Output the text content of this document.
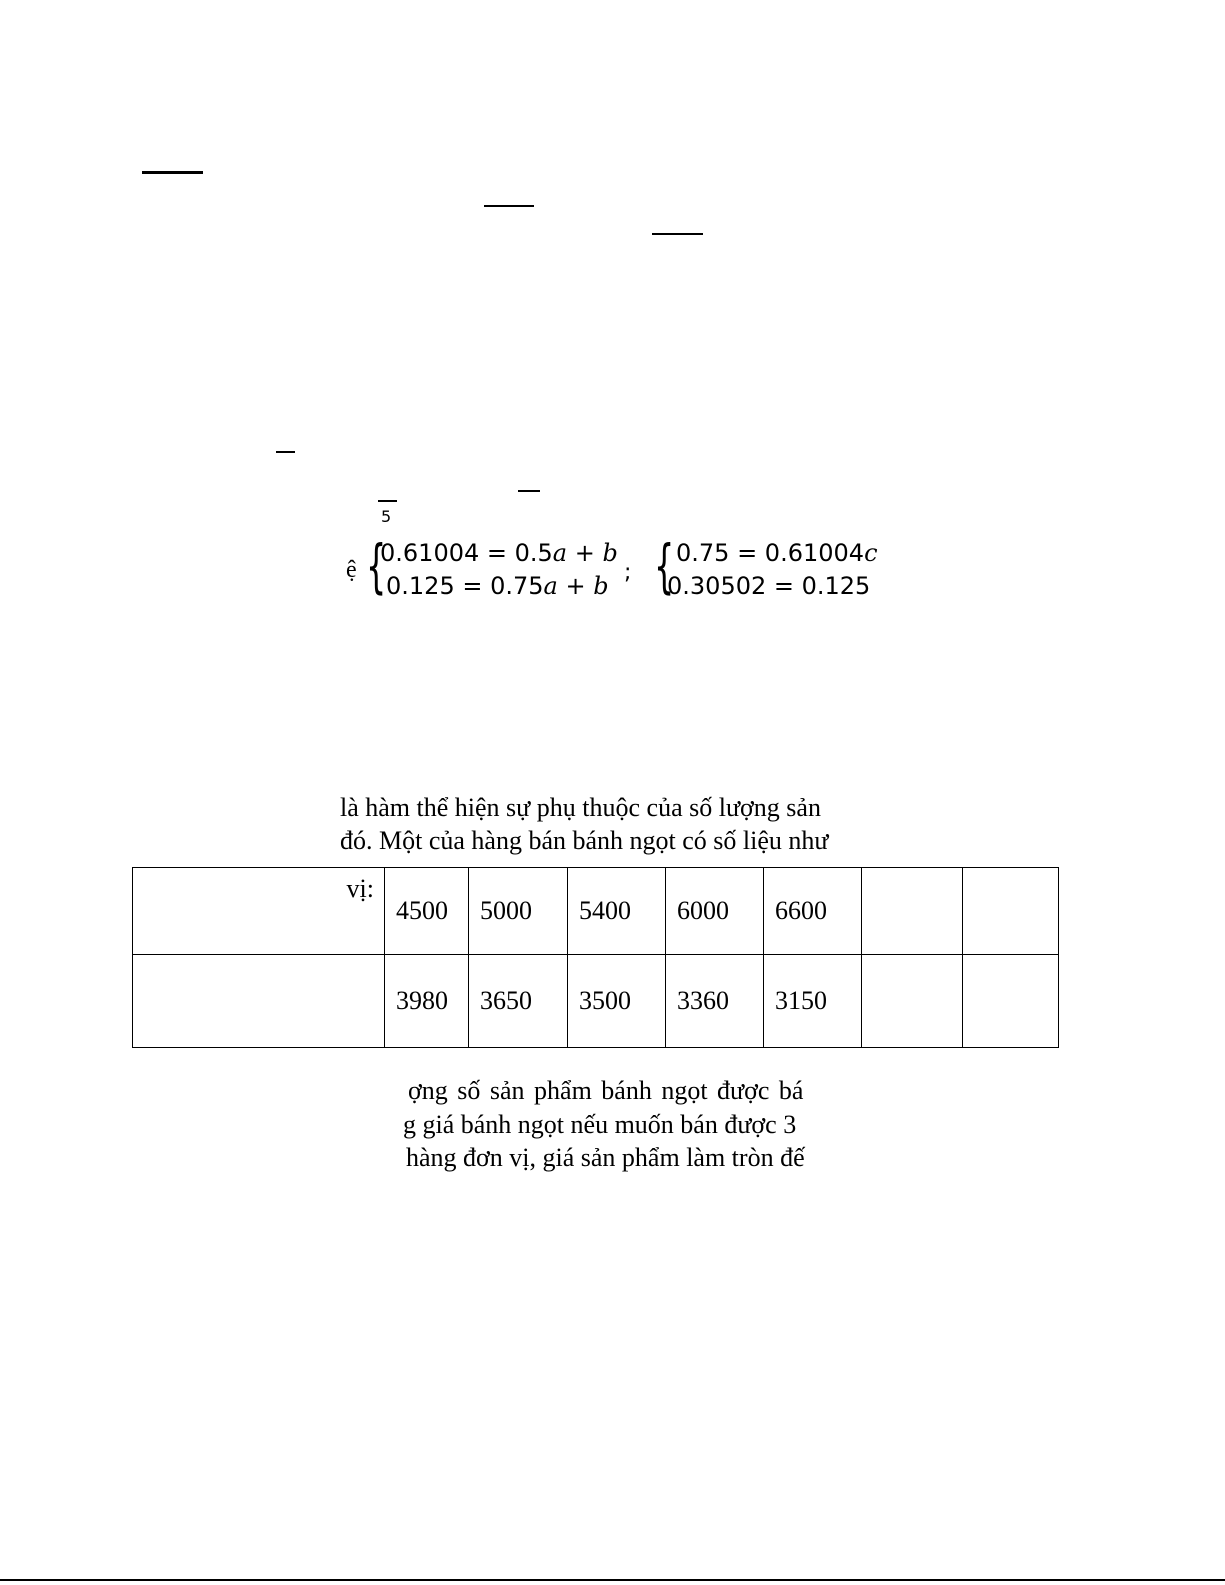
5
ệ {
0.61004 = 0.5a + b
0.125 = 0.75a + b ; { 0.75 = 0.61004c
0.30502 = 0.125
là hàm thể hiện sự phụ thuộc của số lượng sản
đó. Một của hàng bán bánh ngọt có số liệu như
vị:	4500	5000	5400	6000	6600		
	3980	3650	3500	3360	3150		
ợng số sản phẩm bánh ngọt được bá
g giá bánh ngọt nếu muốn bán được 3
hàng đơn vị, giá sản phẩm làm tròn đế
